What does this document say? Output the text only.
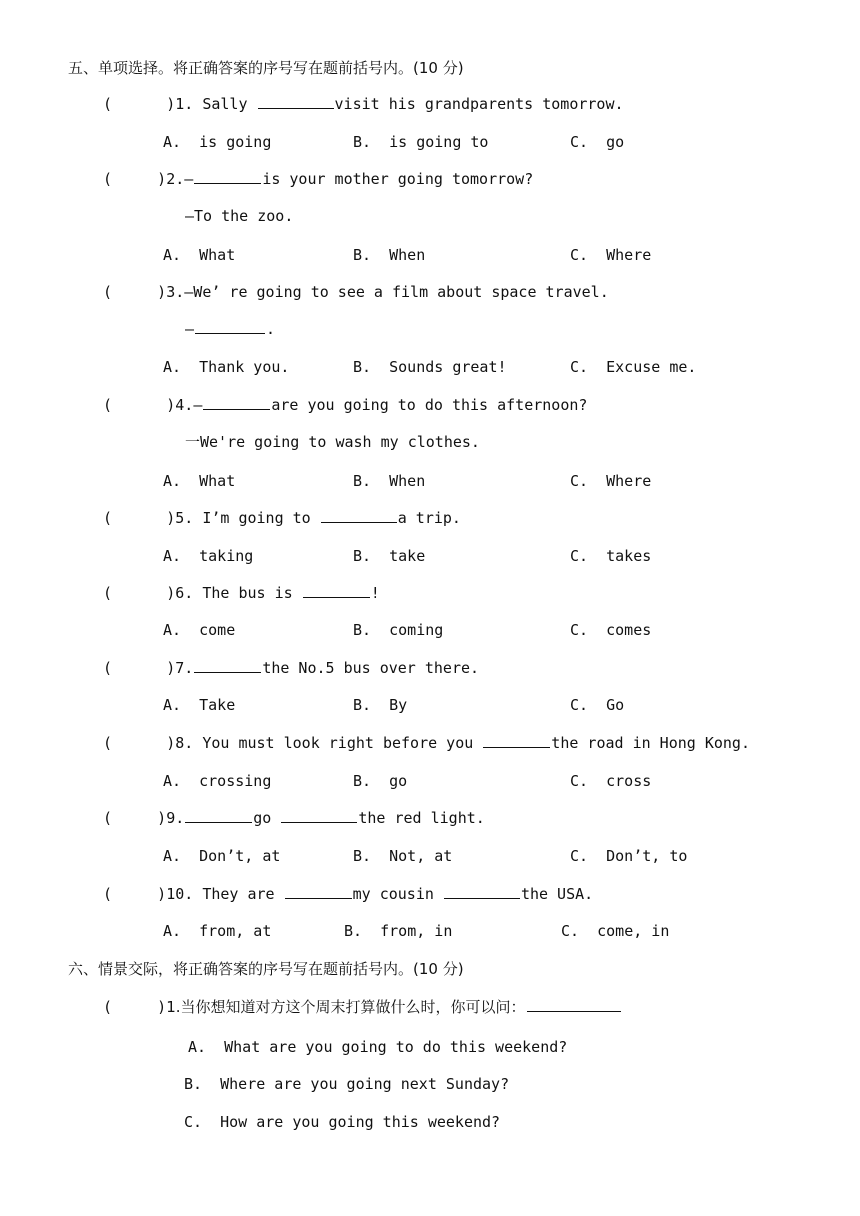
五、单项选择。将正确答案的序号写在题前括号内。(10 分)
(      )1. Sally	visit his grandparents tomorrow.
A.  is going	B.  is going to	C.  go
(     )2.—	is your mother going tomorrow?
—To the zoo.
A.  What	B.  When	C.  Where
(     )3.—We’ re going to see a film about space travel.
—	.
A.  Thank you.	B.  Sounds great!	C.  Excuse me.
(      )4.—	are you going to do this afternoon?
一We're going to wash my clothes.
A.  What	B.  When	C.  Where
(      )5. I’m going to	a trip.
A.  taking	B.  take	C.  takes
(      )6. The bus is	!
A.  come	B.  coming	C.  comes
(      )7.	the No.5 bus over there.
A.  Take	B.  By	C.  Go
(      )8. You must look right before you	the road in Hong Kong.
A.  crossing	B.  go	C.  cross
(     )9.	go	the red light.
A.  Don’t, at	B.  Not, at	C.  Don’t, to
(     )10. They are	my cousin	the USA.
A.  from, at	B.  from, in	C.  come, in
六、情景交际，将正确答案的序号写在题前括号内。(10 分)
(     )1.当你想知道对方这个周末打算做什么时，你可以问：
A.  What are you going to do this weekend?
B.  Where are you going next Sunday?
C.  How are you going this weekend?
